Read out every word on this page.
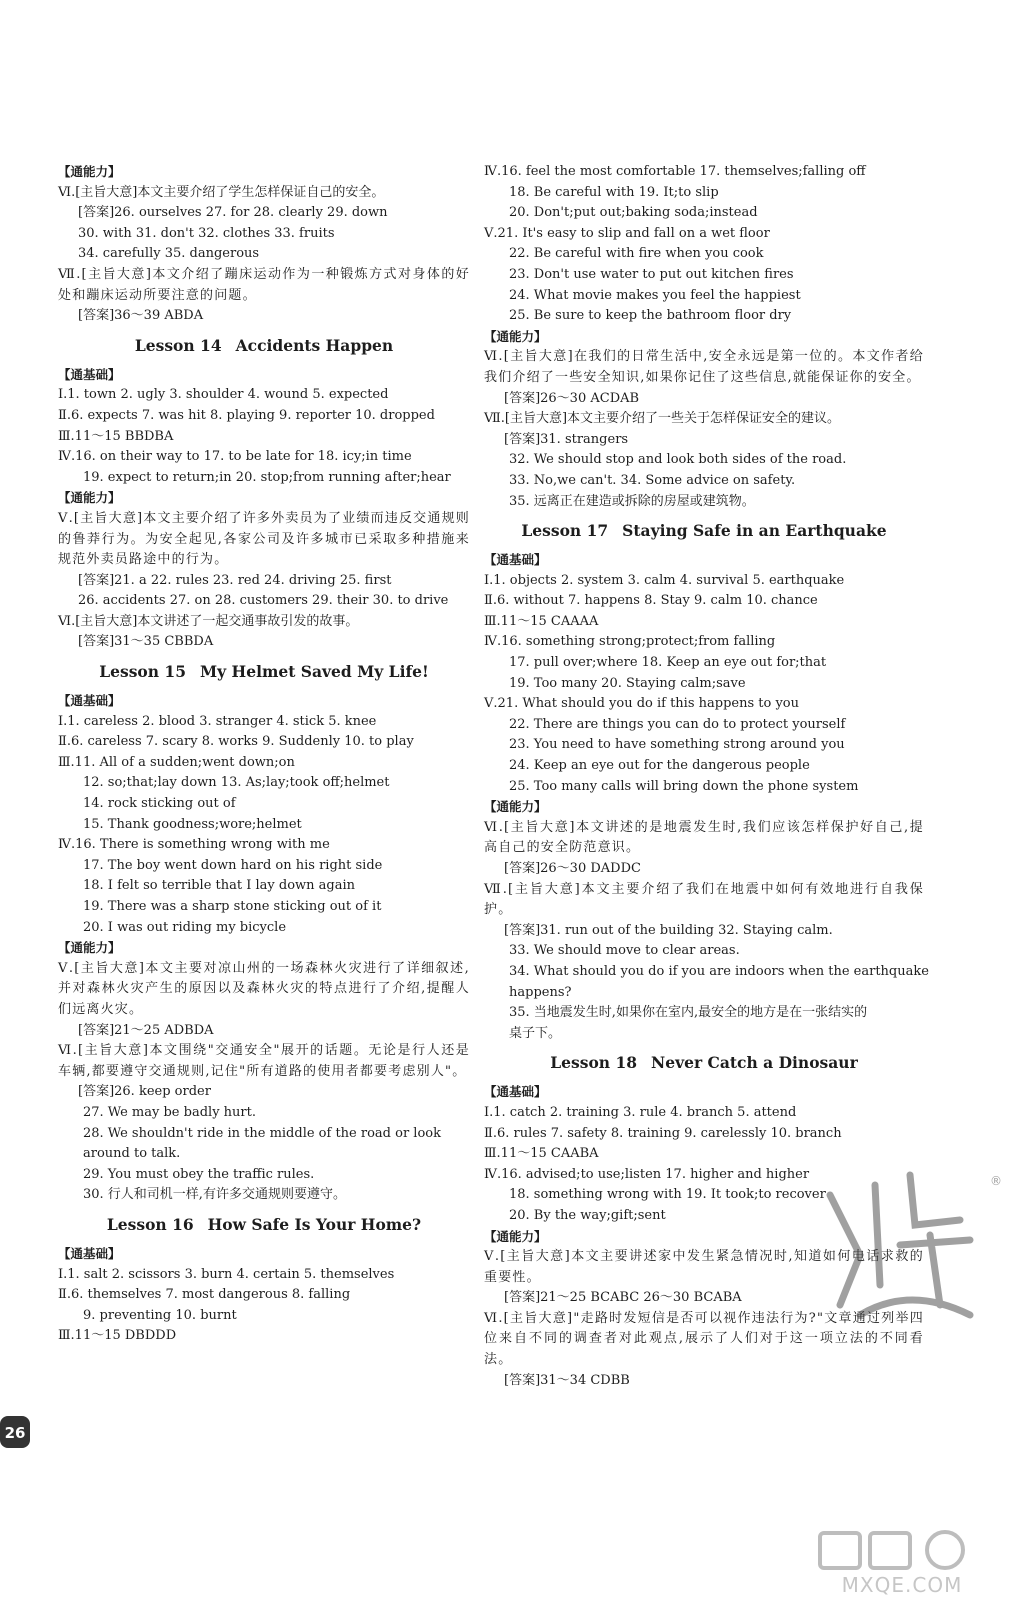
【通能力】
Ⅵ.[主旨大意]本文主要介绍了学生怎样保证自己的安全。
[答案]26. ourselves 27. for 28. clearly 29. down
30. with 31. don't 32. clothes 33. fruits
34. carefully 35. dangerous
Ⅶ.[主旨大意]本文介绍了蹦床运动作为一种锻炼方式对身体的好处和蹦床运动所要注意的问题。
[答案]36～39 ABDA
Lesson 14 Accidents Happen
【通基础】
Ⅰ.1. town 2. ugly 3. shoulder 4. wound 5. expected
Ⅱ.6. expects 7. was hit 8. playing 9. reporter 10. dropped
Ⅲ.11～15 BBDBA
Ⅳ.16. on their way to 17. to be late for 18. icy;in time
19. expect to return;in 20. stop;from running after;hear
【通能力】
Ⅴ.[主旨大意]本文主要介绍了许多外卖员为了业绩而违反交通规则的鲁莽行为。为安全起见,各家公司及许多城市已采取多种措施来规范外卖员路途中的行为。
[答案]21. a 22. rules 23. red 24. driving 25. first
26. accidents 27. on 28. customers 29. their 30. to drive
Ⅵ.[主旨大意]本文讲述了一起交通事故引发的故事。
[答案]31～35 CBBDA
Lesson 15 My Helmet Saved My Life!
【通基础】
Ⅰ.1. careless 2. blood 3. stranger 4. stick 5. knee
Ⅱ.6. careless 7. scary 8. works 9. Suddenly 10. to play
Ⅲ.11. All of a sudden;went down;on
12. so;that;lay down 13. As;lay;took off;helmet
14. rock sticking out of
15. Thank goodness;wore;helmet
Ⅳ.16. There is something wrong with me
17. The boy went down hard on his right side
18. I felt so terrible that I lay down again
19. There was a sharp stone sticking out of it
20. I was out riding my bicycle
【通能力】
Ⅴ.[主旨大意]本文主要对凉山州的一场森林火灾进行了详细叙述,并对森林火灾产生的原因以及森林火灾的特点进行了介绍,提醒人们远离火灾。
[答案]21～25 ADBDA
Ⅵ.[主旨大意]本文围绕"交通安全"展开的话题。无论是行人还是车辆,都要遵守交通规则,记住"所有道路的使用者都要考虑别人"。
[答案]26. keep order
27. We may be badly hurt.
28. We shouldn't ride in the middle of the road or look
around to talk.
29. You must obey the traffic rules.
30. 行人和司机一样,有许多交通规则要遵守。
Lesson 16 How Safe Is Your Home?
【通基础】
Ⅰ.1. salt 2. scissors 3. burn 4. certain 5. themselves
Ⅱ.6. themselves 7. most dangerous 8. falling
9. preventing 10. burnt
Ⅲ.11～15 DBDDD
Ⅳ.16. feel the most comfortable 17. themselves;falling off
18. Be careful with 19. It;to slip
20. Don't;put out;baking soda;instead
Ⅴ.21. It's easy to slip and fall on a wet floor
22. Be careful with fire when you cook
23. Don't use water to put out kitchen fires
24. What movie makes you feel the happiest
25. Be sure to keep the bathroom floor dry
【通能力】
Ⅵ.[主旨大意]在我们的日常生活中,安全永远是第一位的。本文作者给我们介绍了一些安全知识,如果你记住了这些信息,就能保证你的安全。
[答案]26～30 ACDAB
Ⅶ.[主旨大意]本文主要介绍了一些关于怎样保证安全的建议。
[答案]31. strangers
32. We should stop and look both sides of the road.
33. No,we can't. 34. Some advice on safety.
35. 远离正在建造或拆除的房屋或建筑物。
Lesson 17 Staying Safe in an Earthquake
【通基础】
Ⅰ.1. objects 2. system 3. calm 4. survival 5. earthquake
Ⅱ.6. without 7. happens 8. Stay 9. calm 10. chance
Ⅲ.11～15 CAAAA
Ⅳ.16. something strong;protect;from falling
17. pull over;where 18. Keep an eye out for;that
19. Too many 20. Staying calm;save
Ⅴ.21. What should you do if this happens to you
22. There are things you can do to protect yourself
23. You need to have something strong around you
24. Keep an eye out for the dangerous people
25. Too many calls will bring down the phone system
【通能力】
Ⅵ.[主旨大意]本文讲述的是地震发生时,我们应该怎样保护好自己,提高自己的安全防范意识。
[答案]26～30 DADDC
Ⅶ.[主旨大意]本文主要介绍了我们在地震中如何有效地进行自我保护。
[答案]31. run out of the building 32. Staying calm.
33. We should move to clear areas.
34. What should you do if you are indoors when the earthquake
happens?
35. 当地震发生时,如果你在室内,最安全的地方是在一张结实的
桌子下。
Lesson 18 Never Catch a Dinosaur
【通基础】
Ⅰ.1. catch 2. training 3. rule 4. branch 5. attend
Ⅱ.6. rules 7. safety 8. training 9. carelessly 10. branch
Ⅲ.11～15 CAABA
Ⅳ.16. advised;to use;listen 17. higher and higher
18. something wrong with 19. It took;to recover
20. By the way;gift;sent
【通能力】
Ⅴ.[主旨大意]本文主要讲述家中发生紧急情况时,知道如何电话求救的重要性。
[答案]21～25 BCABC 26～30 BCABA
Ⅵ.[主旨大意]"走路时发短信是否可以视作违法行为?"文章通过列举四位来自不同的调查者对此观点,展示了人们对于这一项立法的不同看法。
[答案]31～34 CDBB
26
®
MXQE.COM
